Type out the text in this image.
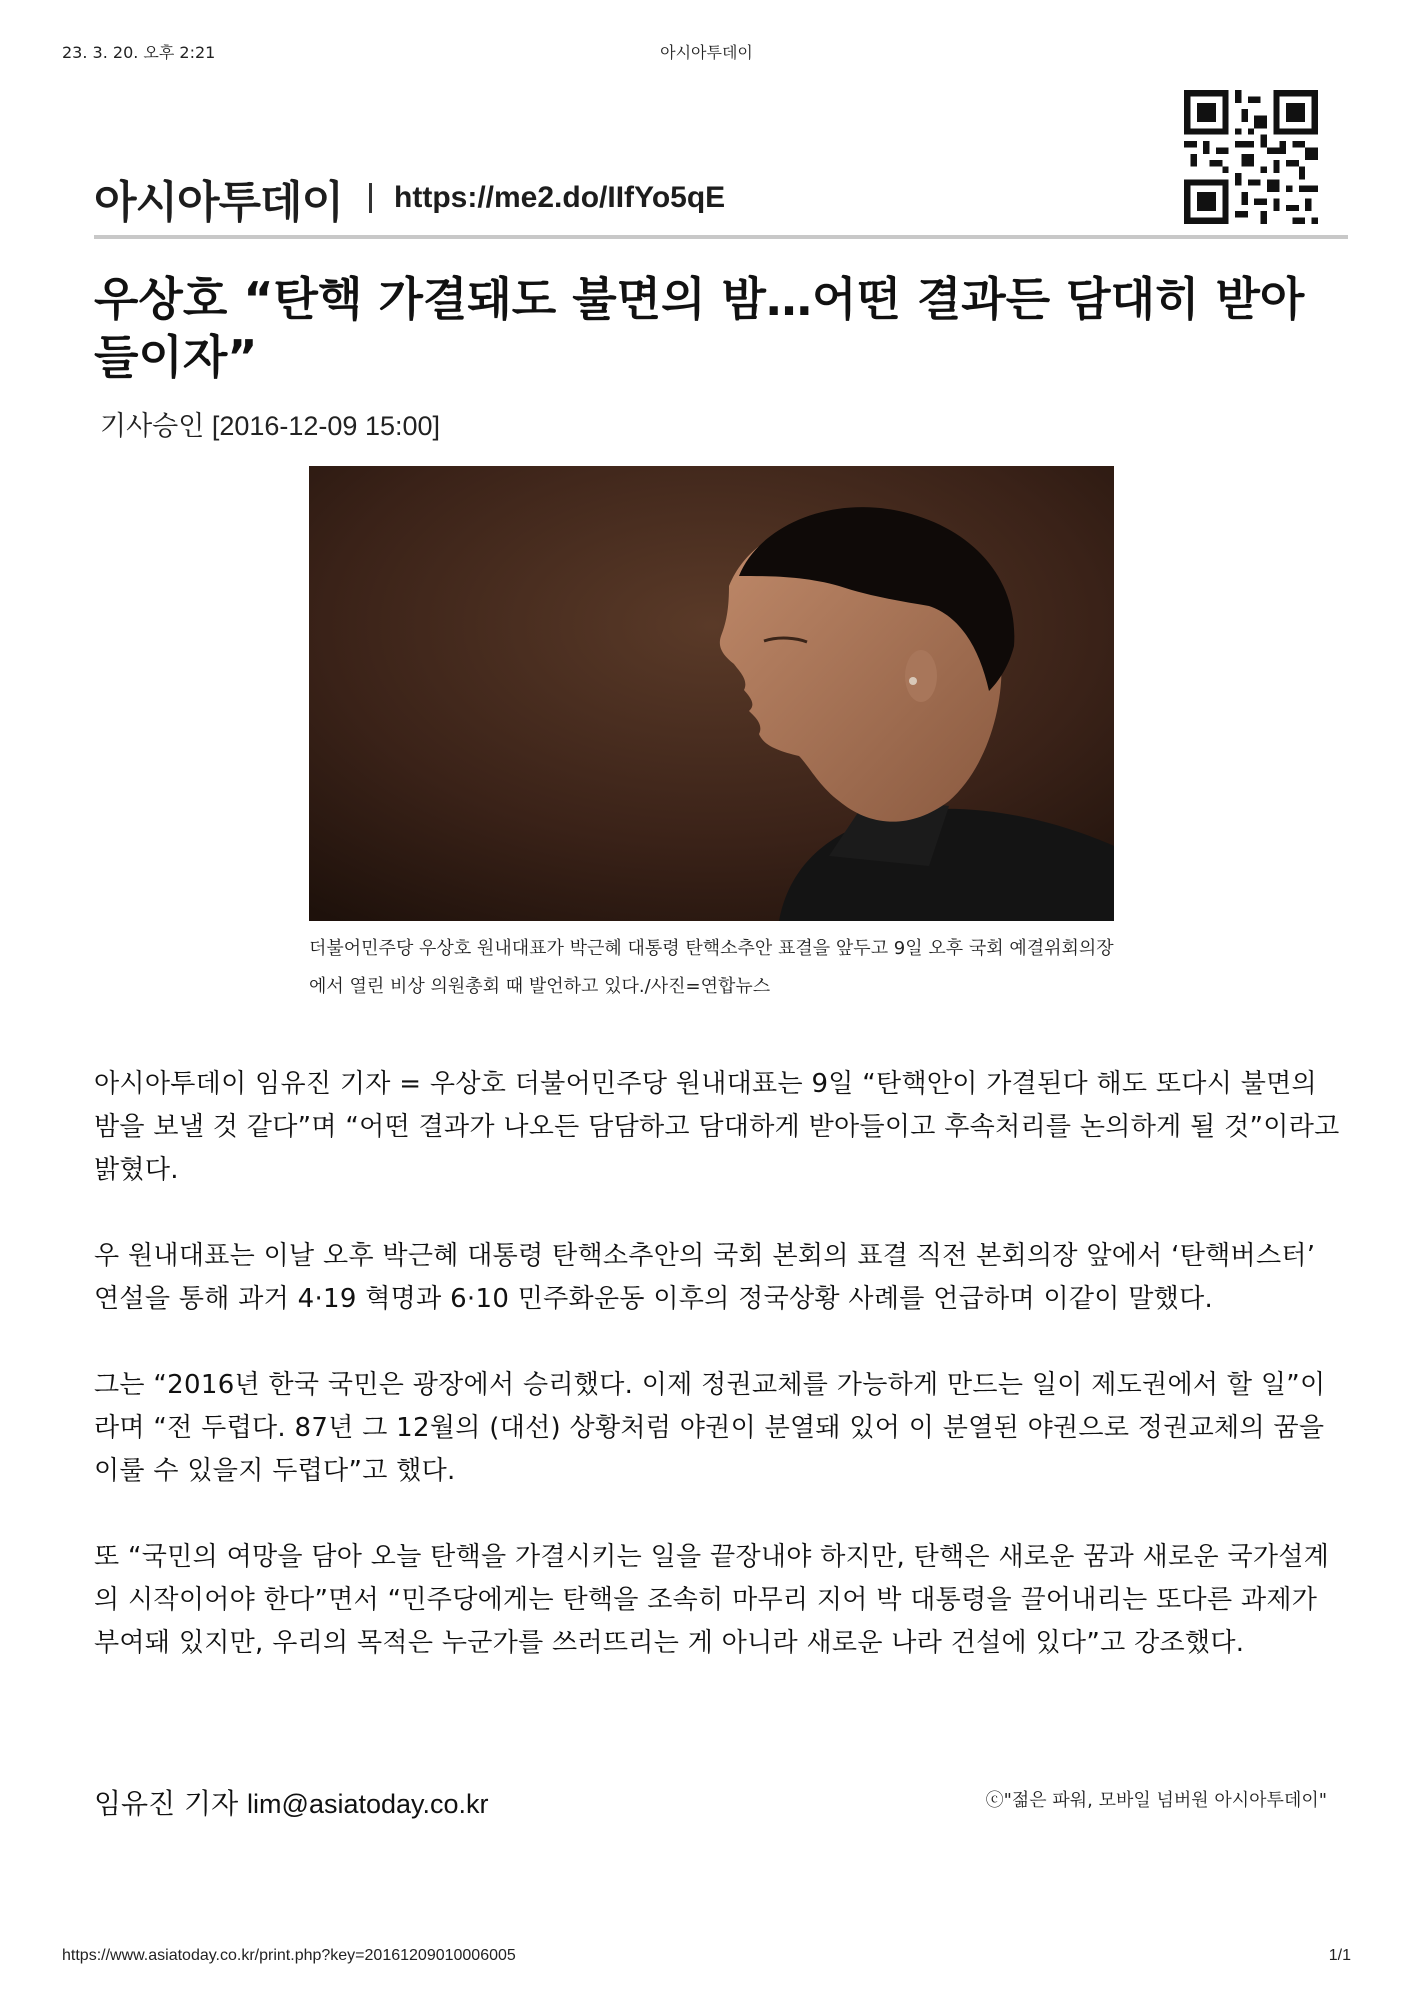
23. 3. 20. 오후 2:21	아시아투데이
아시아투데이 https://me2.do/IIfYo5qE
우상호 “탄핵 가결돼도 불면의 밤…어떤 결과든 담대히 받아들이자”
기사승인 [2016-12-09 15:00]
더불어민주당 우상호 원내대표가 박근혜 대통령 탄핵소추안 표결을 앞두고 9일 오후 국회 예결위회의장에서 열린 비상 의원총회 때 발언하고 있다./사진=연합뉴스

아시아투데이 임유진 기자 = 우상호 더불어민주당 원내대표는 9일 “탄핵안이 가결된다 해도 또다시 불면의 밤을 보낼 것 같다”며 “어떤 결과가 나오든 담담하고 담대하게 받아들이고 후속처리를 논의하게 될 것”이라고 밝혔다.

우 원내대표는 이날 오후 박근혜 대통령 탄핵소추안의 국회 본회의 표결 직전 본회의장 앞에서 ‘탄핵버스터’ 연설을 통해 과거 4·19 혁명과 6·10 민주화운동 이후의 정국상황 사례를 언급하며 이같이 말했다.

그는 “2016년 한국 국민은 광장에서 승리했다. 이제 정권교체를 가능하게 만드는 일이 제도권에서 할 일”이라며 “전 두렵다. 87년 그 12월의 (대선) 상황처럼 야권이 분열돼 있어 이 분열된 야권으로 정권교체의 꿈을 이룰 수 있을지 두렵다”고 했다.

또 “국민의 여망을 담아 오늘 탄핵을 가결시키는 일을 끝장내야 하지만, 탄핵은 새로운 꿈과 새로운 국가설계의 시작이어야 한다”면서 “민주당에게는 탄핵을 조속히 마무리 지어 박 대통령을 끌어내리는 또다른 과제가 부여돼 있지만, 우리의 목적은 누군가를 쓰러뜨리는 게 아니라 새로운 나라 건설에 있다”고 강조했다.

임유진 기자 lim@asiatoday.co.kr	ⓒ"젊은 파워, 모바일 넘버원 아시아투데이"
https://www.asiatoday.co.kr/print.php?key=20161209010006005	1/1
